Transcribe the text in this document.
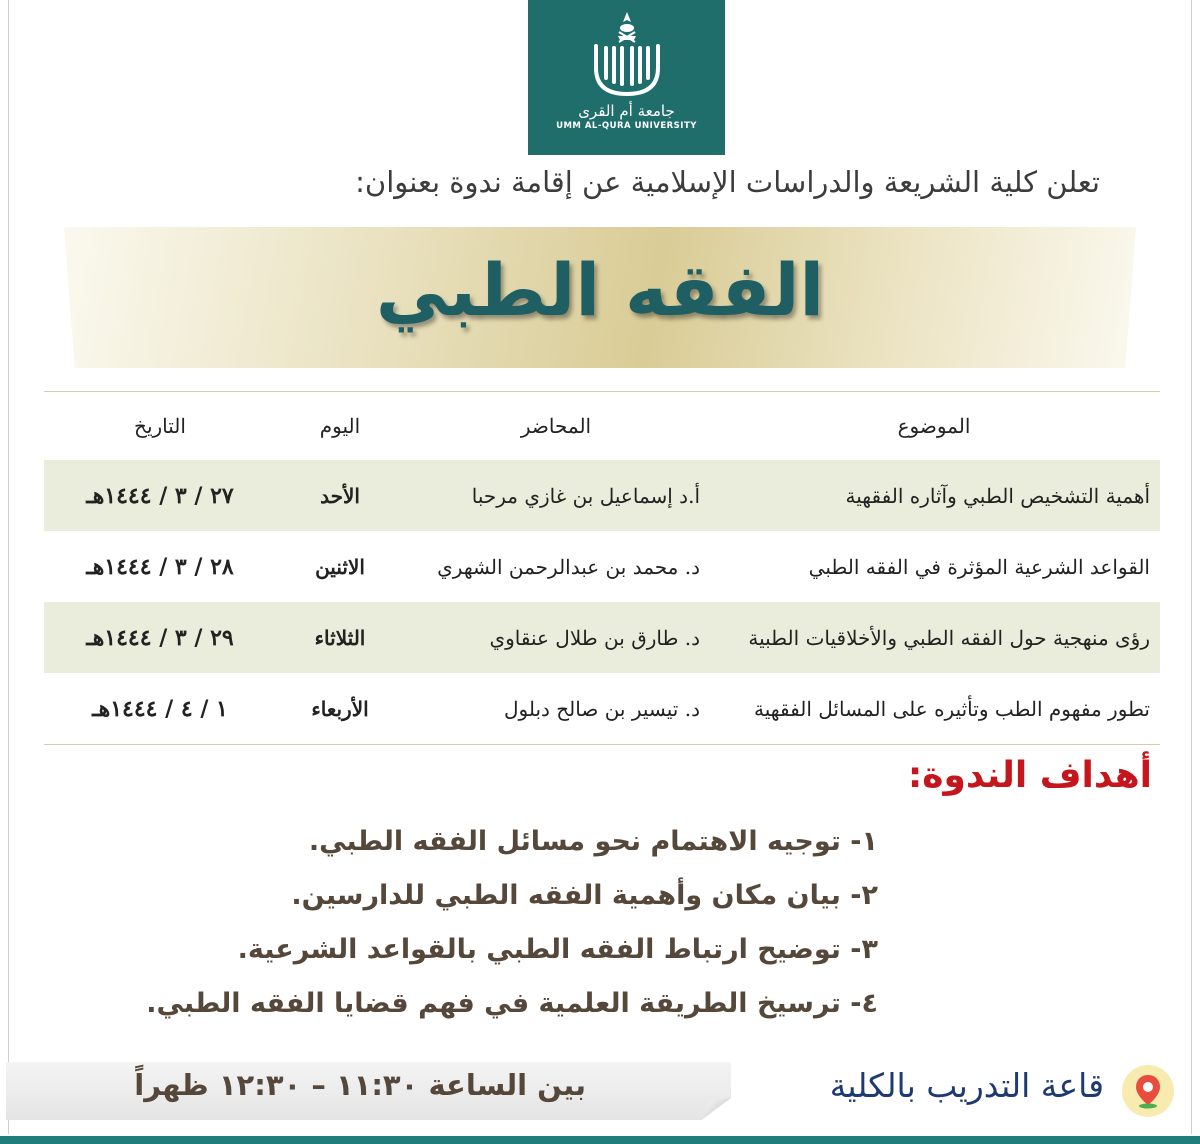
جامعة أم القرى
UMM AL-QURA UNIVERSITY
تعلن كلية الشريعة والدراسات الإسلامية عن إقامة ندوة بعنوان:
الفقه الطبي
الموضوع
المحاضر
اليوم
التاريخ
أهمية التشخيص الطبي وآثاره الفقهية
أ.د إسماعيل بن غازي مرحبا
الأحد
٢٧ / ٣ / ١٤٤٤هـ
القواعد الشرعية المؤثرة في الفقه الطبي
د. محمد بن عبدالرحمن الشهري
الاثنين
٢٨ / ٣ / ١٤٤٤هـ
رؤى منهجية حول الفقه الطبي والأخلاقيات الطبية
د. طارق بن طلال عنقاوي
الثلاثاء
٢٩ / ٣ / ١٤٤٤هـ
تطور مفهوم الطب وتأثيره على المسائل الفقهية
د. تيسير بن صالح دبلول
الأربعاء
١ / ٤ / ١٤٤٤هـ
أهداف الندوة:
١- توجيه الاهتمام نحو مسائل الفقه الطبي.
٢- بيان مكان وأهمية الفقه الطبي للدارسين.
٣- توضيح ارتباط الفقه الطبي بالقواعد الشرعية.
٤- ترسيخ الطريقة العلمية في فهم قضايا الفقه الطبي.
بين الساعة ١١:٣٠ – ١٢:٣٠ ظهراً	قاعة التدريب بالكلية
